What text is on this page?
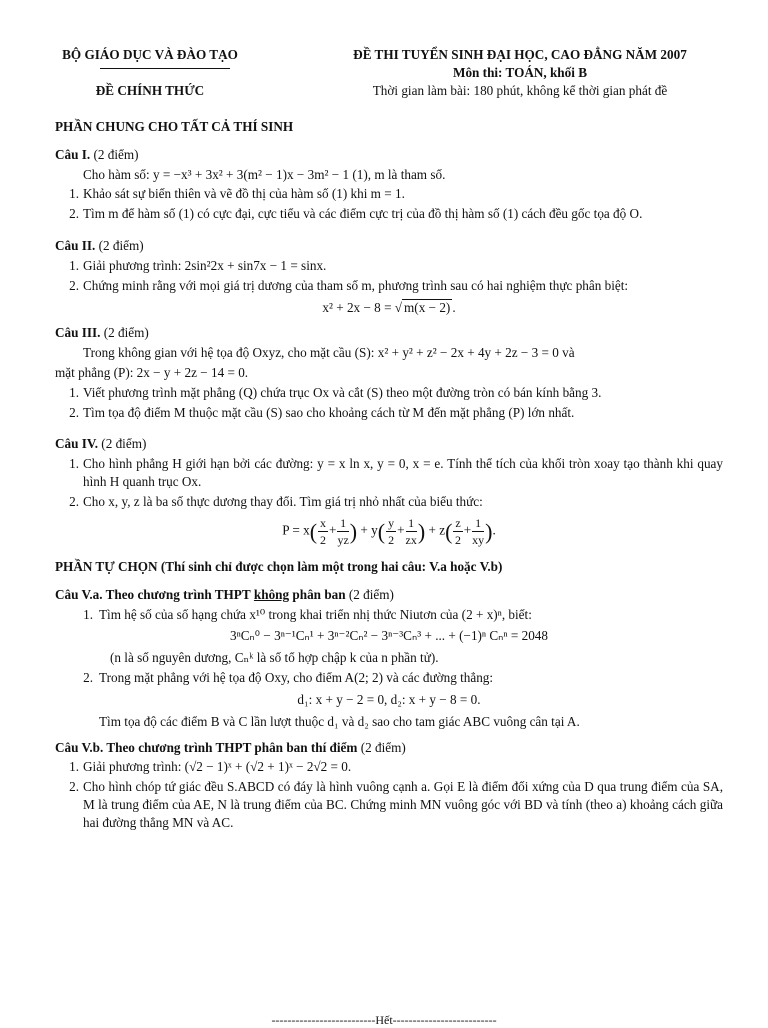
BỘ GIÁO DỤC VÀ ĐÀO TẠO
ĐỀ CHÍNH THỨC
ĐỀ THI TUYỂN SINH ĐẠI HỌC, CAO ĐẲNG NĂM 2007
Môn thi: TOÁN, khối B
Thời gian làm bài: 180 phút, không kể thời gian phát đề
PHẦN CHUNG CHO TẤT CẢ THÍ SINH
Câu I. (2 điểm)
Cho hàm số: y = −x³ + 3x² + 3(m² − 1)x − 3m² − 1 (1), m là tham số.
1. Khảo sát sự biến thiên và vẽ đồ thị của hàm số (1) khi m = 1.
2. Tìm m để hàm số (1) có cực đại, cực tiểu và các điểm cực trị của đồ thị hàm số (1) cách đều gốc tọa độ O.
Câu II. (2 điểm)
1. Giải phương trình: 2sin²2x + sin7x − 1 = sinx.
2. Chứng minh rằng với mọi giá trị dương của tham số m, phương trình sau có hai nghiệm thực phân biệt:
x² + 2x − 8 = √ m(x − 2) .
Câu III. (2 điểm)
Trong không gian với hệ tọa độ Oxyz, cho mặt cầu (S): x² + y² + z² − 2x + 4y + 2z − 3 = 0 và
mặt phẳng (P): 2x − y + 2z − 14 = 0.
1. Viết phương trình mặt phẳng (Q) chứa trục Ox và cắt (S) theo một đường tròn có bán kính bằng 3.
2. Tìm tọa độ điểm M thuộc mặt cầu (S) sao cho khoảng cách từ M đến mặt phẳng (P) lớn nhất.
Câu IV. (2 điểm)
1. Cho hình phẳng H giới hạn bởi các đường: y = x ln x, y = 0, x = e. Tính thể tích của khối tròn xoay tạo thành khi quay hình H quanh trục Ox.
2. Cho x, y, z là ba số thực dương thay đổi. Tìm giá trị nhỏ nhất của biểu thức:
$P = x( \frac{x}{2} + \frac{1}{yz}$ ) + $y( \frac{y}{2} + \frac{1}{zx}$ ) + $z( \frac{z}{2} + \frac{1}{xy}$ ).
PHẦN TỰ CHỌN (Thí sinh chỉ được chọn làm một trong hai câu: V.a hoặc V.b)
Câu V.a. Theo chương trình THPT không phân ban (2 điểm)
1. Tìm hệ số của số hạng chứa x¹⁰ trong khai triển nhị thức Niutơn của (2 + x)ⁿ, biết:
3ⁿCₙ⁰ − 3ⁿ⁻¹Cₙ¹ + 3ⁿ⁻²Cₙ² − 3ⁿ⁻³Cₙ³ + ... + (−1)ⁿ Cₙⁿ = 2048
(n là số nguyên dương, Cₙᵏ là số tổ hợp chập k của n phần tử).
2. Trong mặt phẳng với hệ tọa độ Oxy, cho điểm A(2; 2) và các đường thẳng:
d₁: x + y − 2 = 0, d₂: x + y − 8 = 0.
Tìm tọa độ các điểm B và C lần lượt thuộc d₁ và d₂ sao cho tam giác ABC vuông cân tại A.
Câu V.b. Theo chương trình THPT phân ban thí điểm (2 điểm)
1. Giải phương trình: (√2 − 1)ˣ + (√2 + 1)ˣ − 2√2 = 0.
2. Cho hình chóp tứ giác đều S.ABCD có đáy là hình vuông cạnh a. Gọi E là điểm đối xứng của D qua trung điểm của SA, M là trung điểm của AE, N là trung điểm của BC. Chứng minh MN vuông góc với BD và tính (theo a) khoảng cách giữa hai đường thẳng MN và AC.
--------------------------Hết--------------------------
